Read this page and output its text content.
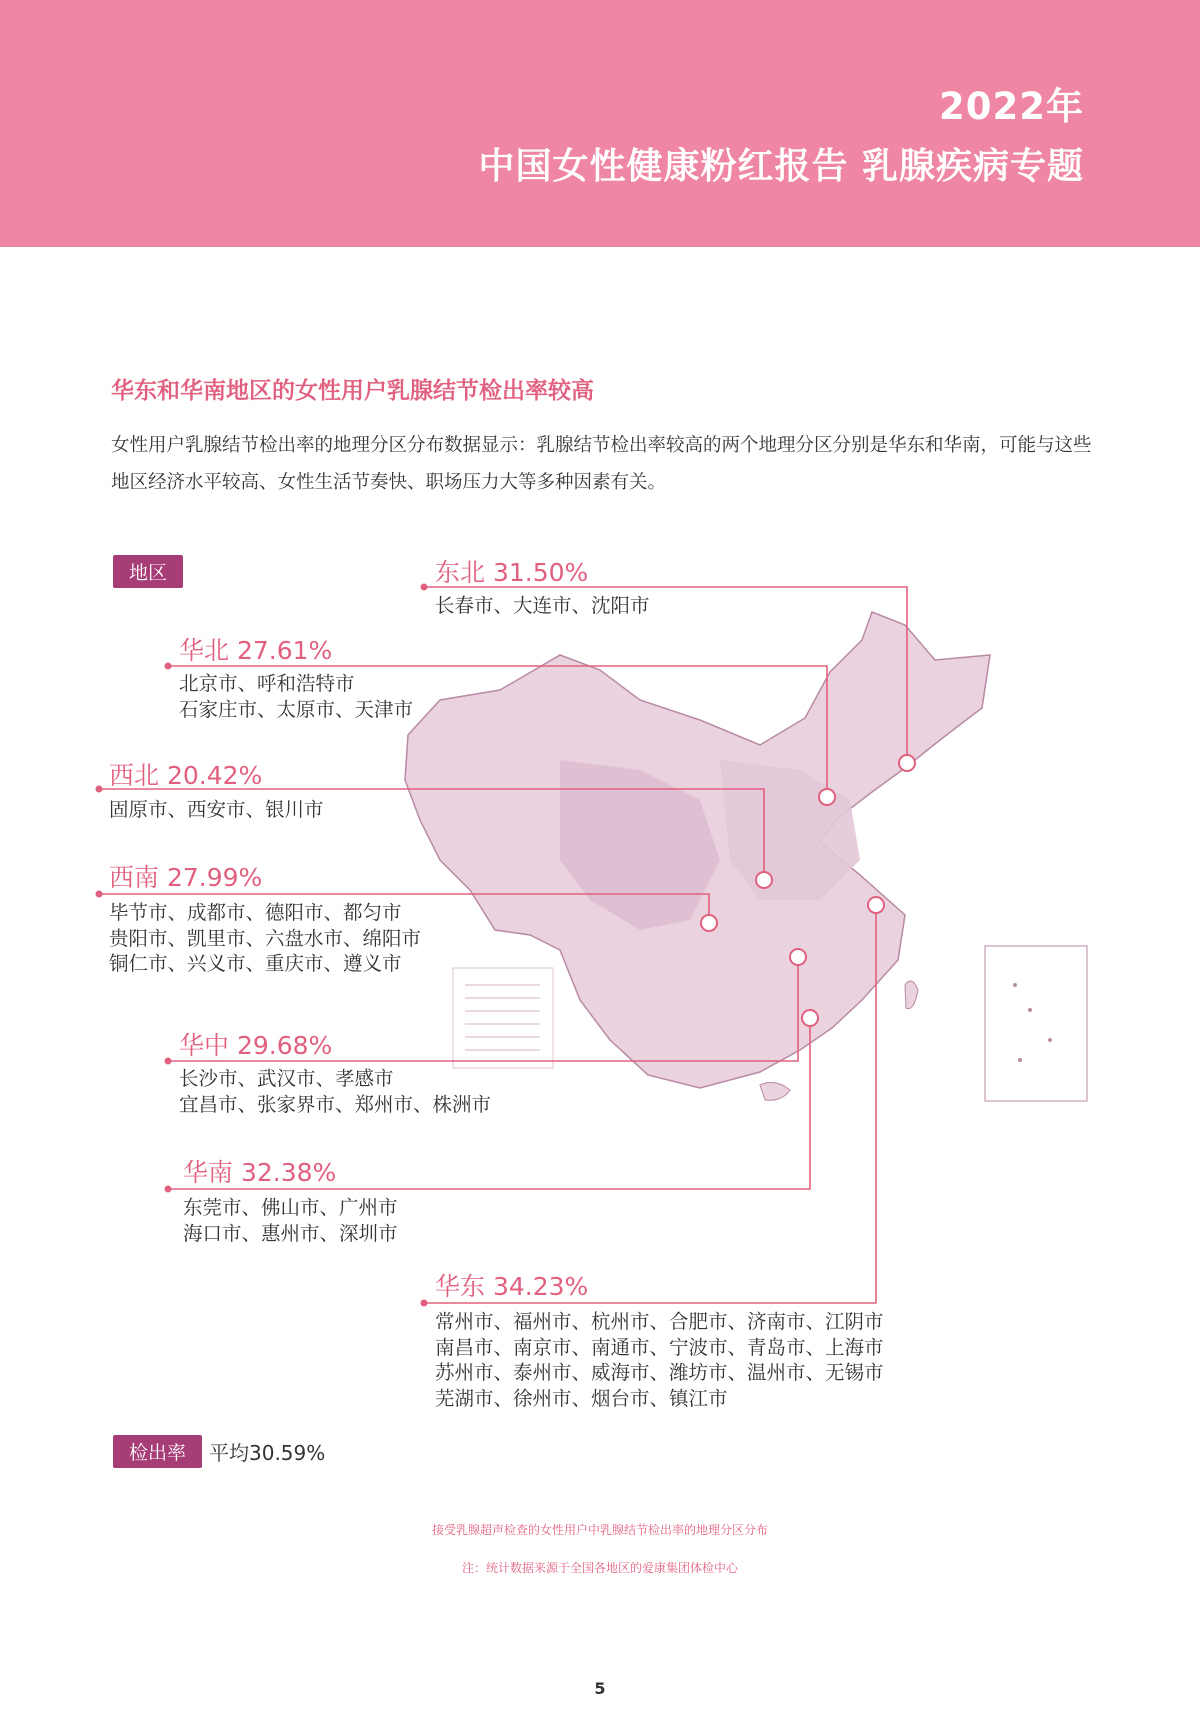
2022年
中国女性健康粉红报告 乳腺疾病专题
华东和华南地区的女性用户乳腺结节检出率较高
女性用户乳腺结节检出率的地理分区分布数据显示：乳腺结节检出率较高的两个地理分区分别是华东和华南，可能与这些地区经济水平较高、女性生活节奏快、职场压力大等多种因素有关。
地区
检出率	平均30.59%
东北 31.50%
长春市、大连市、沈阳市
华北 27.61%
北京市、呼和浩特市
石家庄市、太原市、天津市
西北 20.42%
固原市、西安市、银川市
西南 27.99%
毕节市、成都市、德阳市、都匀市
贵阳市、凯里市、六盘水市、绵阳市
铜仁市、兴义市、重庆市、遵义市
华中 29.68%
长沙市、武汉市、孝感市
宜昌市、张家界市、郑州市、株洲市
华南 32.38%
东莞市、佛山市、广州市
海口市、惠州市、深圳市
华东 34.23%
常州市、福州市、杭州市、合肥市、济南市、江阴市
南昌市、南京市、南通市、宁波市、青岛市、上海市
苏州市、泰州市、威海市、潍坊市、温州市、无锡市
芜湖市、徐州市、烟台市、镇江市
接受乳腺超声检查的女性用户中乳腺结节检出率的地理分区分布
注：统计数据来源于全国各地区的爱康集团体检中心
5
